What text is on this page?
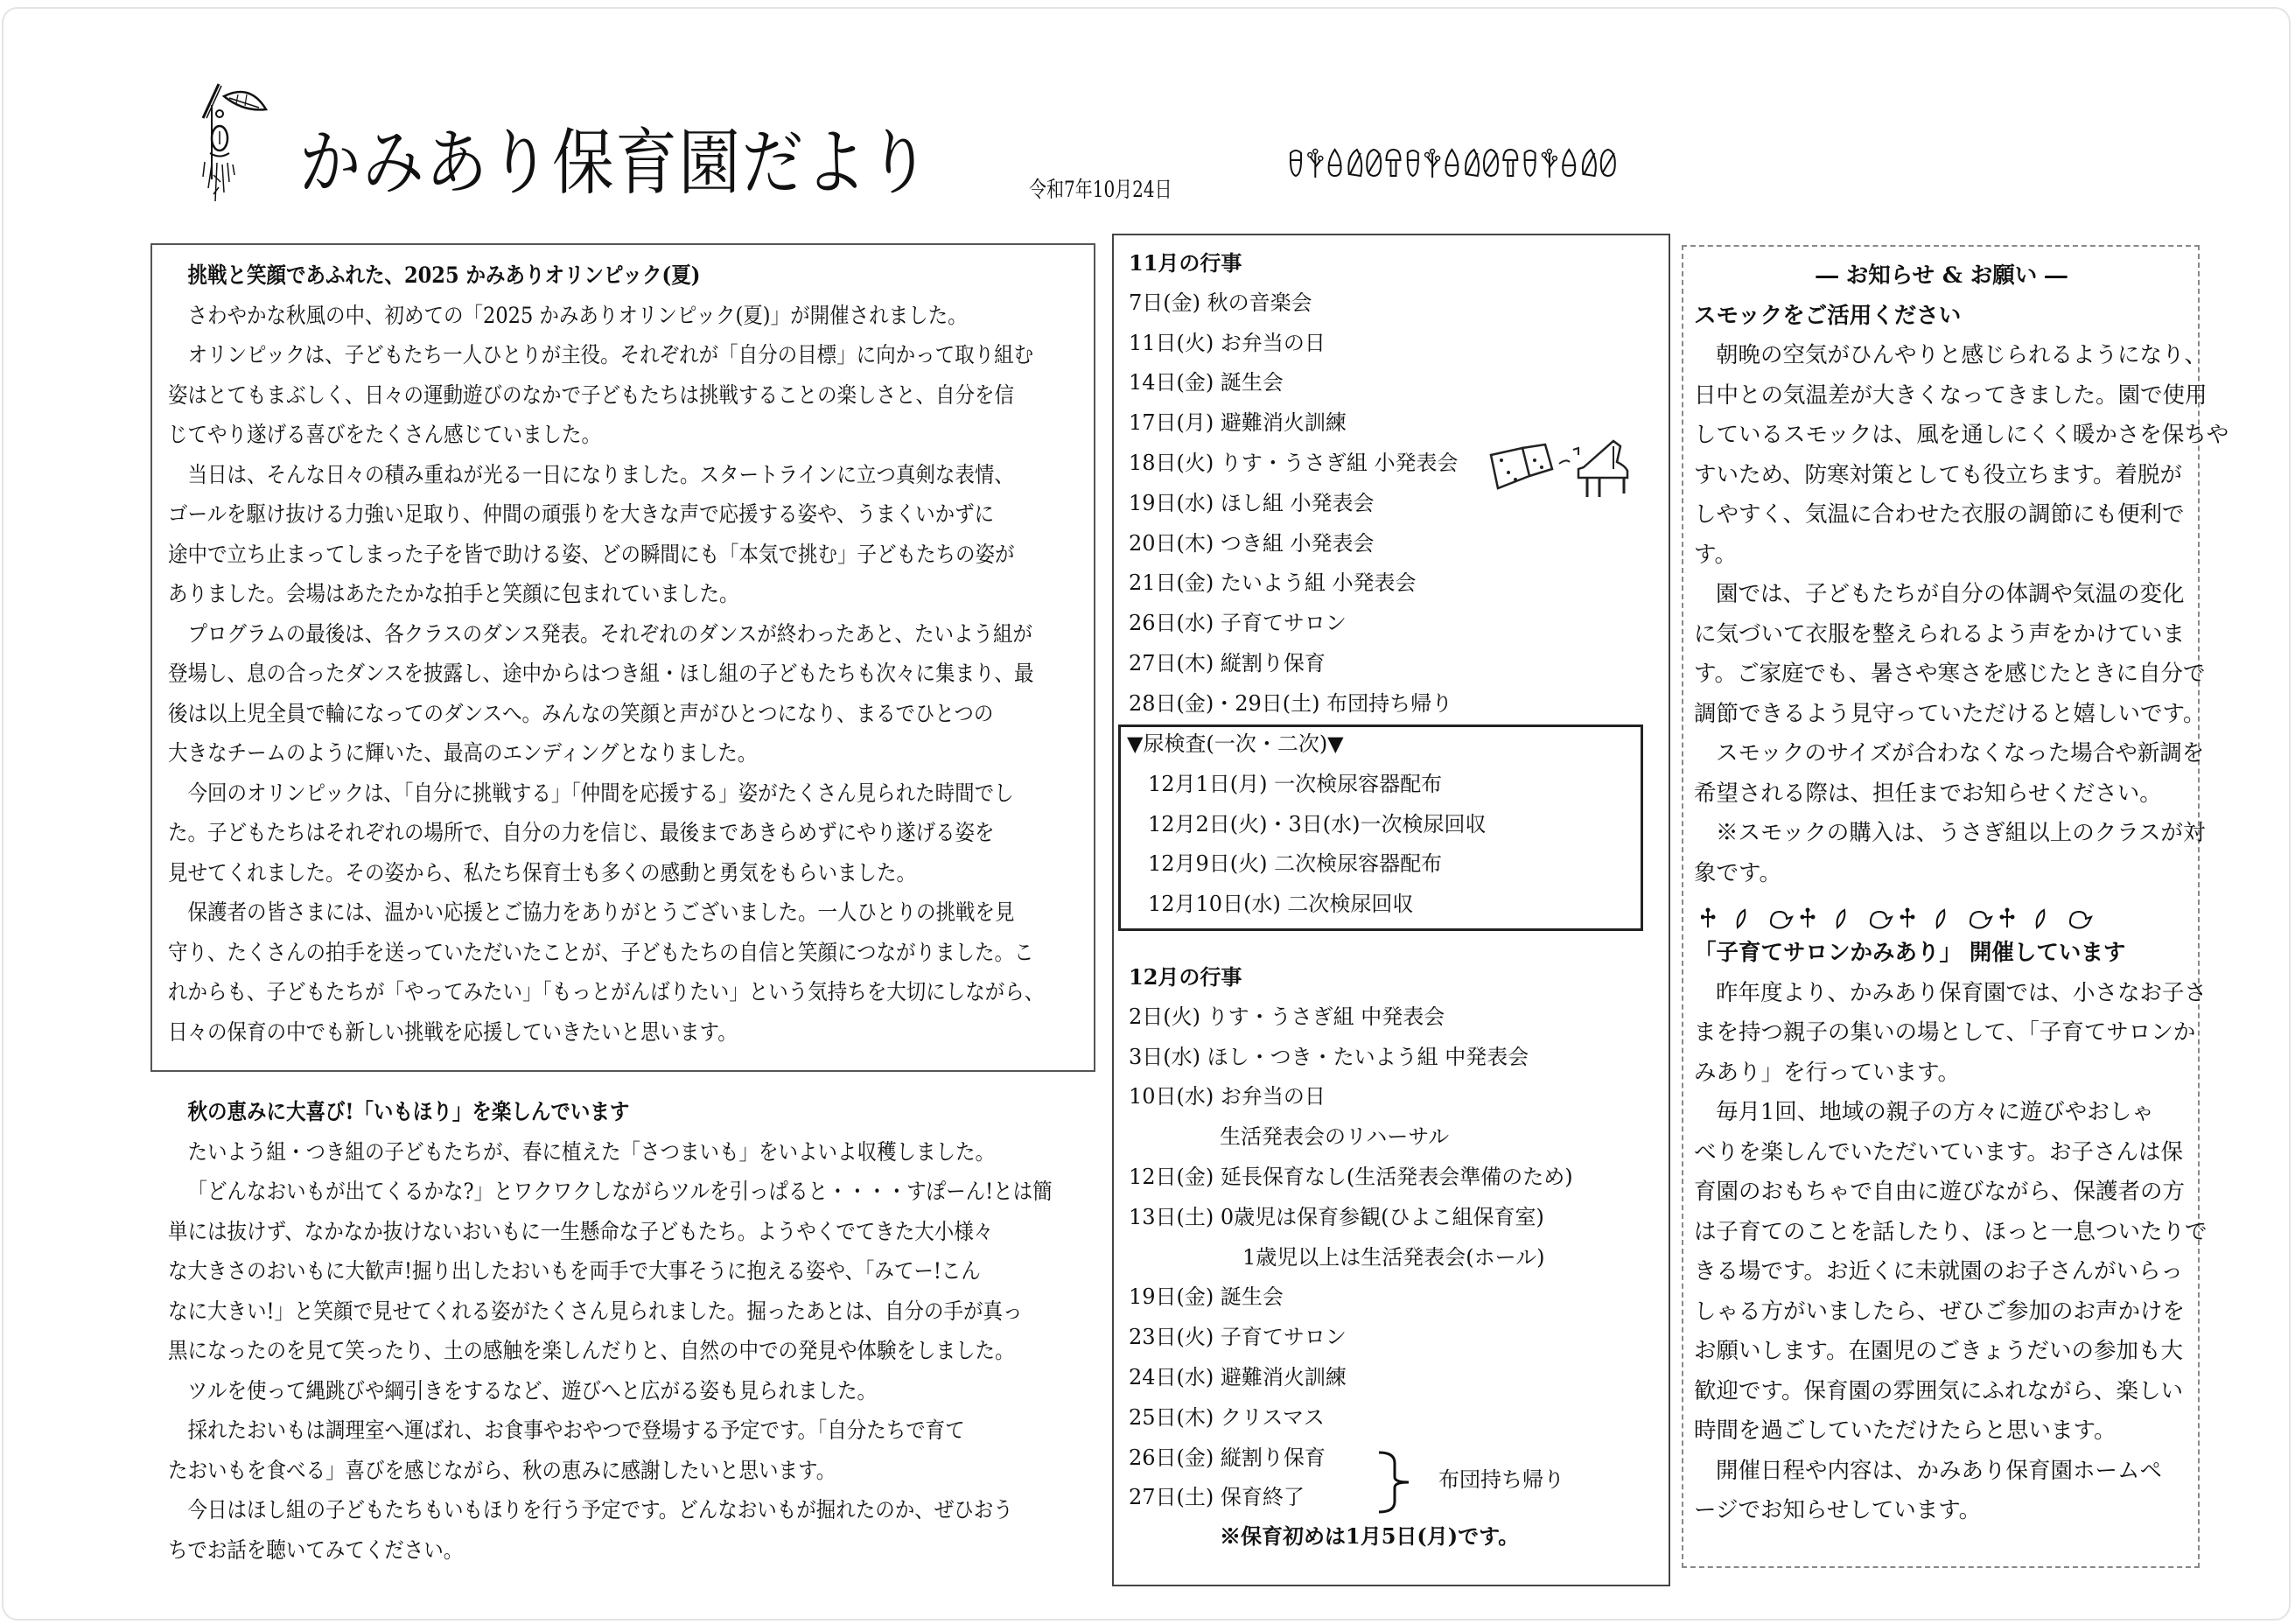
かみあり保育園だより	令和7年10月24日
挑戦と笑顔であふれた、2025 かみありオリンピック(夏)
さわやかな秋風の中、初めての「2025 かみありオリンピック(夏)」が開催されました。
オリンピックは、子どもたち一人ひとりが主役。それぞれが「自分の目標」に向かって取り組む
姿はとてもまぶしく、日々の運動遊びのなかで子どもたちは挑戦することの楽しさと、自分を信
じてやり遂げる喜びをたくさん感じていました。
当日は、そんな日々の積み重ねが光る一日になりました。スタートラインに立つ真剣な表情、
ゴールを駆け抜ける力強い足取り、仲間の頑張りを大きな声で応援する姿や、うまくいかずに
途中で立ち止まってしまった子を皆で助ける姿、どの瞬間にも「本気で挑む」子どもたちの姿が
ありました。会場はあたたかな拍手と笑顔に包まれていました。
プログラムの最後は、各クラスのダンス発表。それぞれのダンスが終わったあと、たいよう組が
登場し、息の合ったダンスを披露し、途中からはつき組・ほし組の子どもたちも次々に集まり、最
後は以上児全員で輪になってのダンスへ。みんなの笑顔と声がひとつになり、まるでひとつの
大きなチームのように輝いた、最高のエンディングとなりました。
今回のオリンピックは、「自分に挑戦する」「仲間を応援する」姿がたくさん見られた時間でし
た。子どもたちはそれぞれの場所で、自分の力を信じ、最後まであきらめずにやり遂げる姿を
見せてくれました。その姿から、私たち保育士も多くの感動と勇気をもらいました。
保護者の皆さまには、温かい応援とご協力をありがとうございました。一人ひとりの挑戦を見
守り、たくさんの拍手を送っていただいたことが、子どもたちの自信と笑顔につながりました。こ
れからも、子どもたちが「やってみたい」「もっとがんばりたい」という気持ちを大切にしながら、
日々の保育の中でも新しい挑戦を応援していきたいと思います。
秋の恵みに大喜び!「いもほり」を楽しんでいます
たいよう組・つき組の子どもたちが、春に植えた「さつまいも」をいよいよ収穫しました。
「どんなおいもが出てくるかな?」とワクワクしながらツルを引っぱると・・・・すぽーん!とは簡
単には抜けず、なかなか抜けないおいもに一生懸命な子どもたち。ようやくでてきた大小様々
な大きさのおいもに大歓声!掘り出したおいもを両手で大事そうに抱える姿や、「みてー!こん
なに大きい!」と笑顔で見せてくれる姿がたくさん見られました。掘ったあとは、自分の手が真っ
黒になったのを見て笑ったり、土の感触を楽しんだりと、自然の中での発見や体験をしました。
ツルを使って縄跳びや綱引きをするなど、遊びへと広がる姿も見られました。
採れたおいもは調理室へ運ばれ、お食事やおやつで登場する予定です。「自分たちで育て
たおいもを食べる」喜びを感じながら、秋の恵みに感謝したいと思います。
今日はほし組の子どもたちもいもほりを行う予定です。どんなおいもが掘れたのか、ぜひおう
ちでお話を聴いてみてください。
11月の行事
7日(金) 秋の音楽会
11日(火) お弁当の日
14日(金) 誕生会
17日(月) 避難消火訓練
18日(火) りす・うさぎ組 小発表会
19日(水) ほし組 小発表会
20日(木) つき組 小発表会
21日(金) たいよう組 小発表会
26日(水) 子育てサロン
27日(木) 縦割り保育
28日(金)・29日(土) 布団持ち帰り
▼尿検査(一次・二次)▼
12月1日(月) 一次検尿容器配布
12月2日(火)・3日(水)一次検尿回収
12月9日(火) 二次検尿容器配布
12月10日(水) 二次検尿回収
12月の行事
2日(火) りす・うさぎ組 中発表会
3日(水) ほし・つき・たいよう組 中発表会
10日(水) お弁当の日
生活発表会のリハーサル
12日(金) 延長保育なし(生活発表会準備のため)
13日(土) 0歳児は保育参観(ひよこ組保育室)
1歳児以上は生活発表会(ホール)
19日(金) 誕生会
23日(火) 子育てサロン
24日(水) 避難消火訓練
25日(木) クリスマス
26日(金) 縦割り保育
27日(土) 保育終了
布団持ち帰り
※保育初めは1月5日(月)です。
― お知らせ & お願い ―
スモックをご活用ください
朝晩の空気がひんやりと感じられるようになり、
日中との気温差が大きくなってきました。園で使用
しているスモックは、風を通しにくく暖かさを保ちや
すいため、防寒対策としても役立ちます。着脱が
しやすく、気温に合わせた衣服の調節にも便利で
す。
園では、子どもたちが自分の体調や気温の変化
に気づいて衣服を整えられるよう声をかけていま
す。ご家庭でも、暑さや寒さを感じたときに自分で
調節できるよう見守っていただけると嬉しいです。
スモックのサイズが合わなくなった場合や新調を
希望される際は、担任までお知らせください。
※スモックの購入は、うさぎ組以上のクラスが対
象です。
「子育てサロンかみあり」 開催しています
昨年度より、かみあり保育園では、小さなお子さ
まを持つ親子の集いの場として、「子育てサロンか
みあり」を行っています。
毎月1回、地域の親子の方々に遊びやおしゃ
べりを楽しんでいただいています。お子さんは保
育園のおもちゃで自由に遊びながら、保護者の方
は子育てのことを話したり、ほっと一息ついたりで
きる場です。お近くに未就園のお子さんがいらっ
しゃる方がいましたら、ぜひご参加のお声かけを
お願いします。在園児のごきょうだいの参加も大
歓迎です。保育園の雰囲気にふれながら、楽しい
時間を過ごしていただけたらと思います。
開催日程や内容は、かみあり保育園ホームペ
ージでお知らせしています。
